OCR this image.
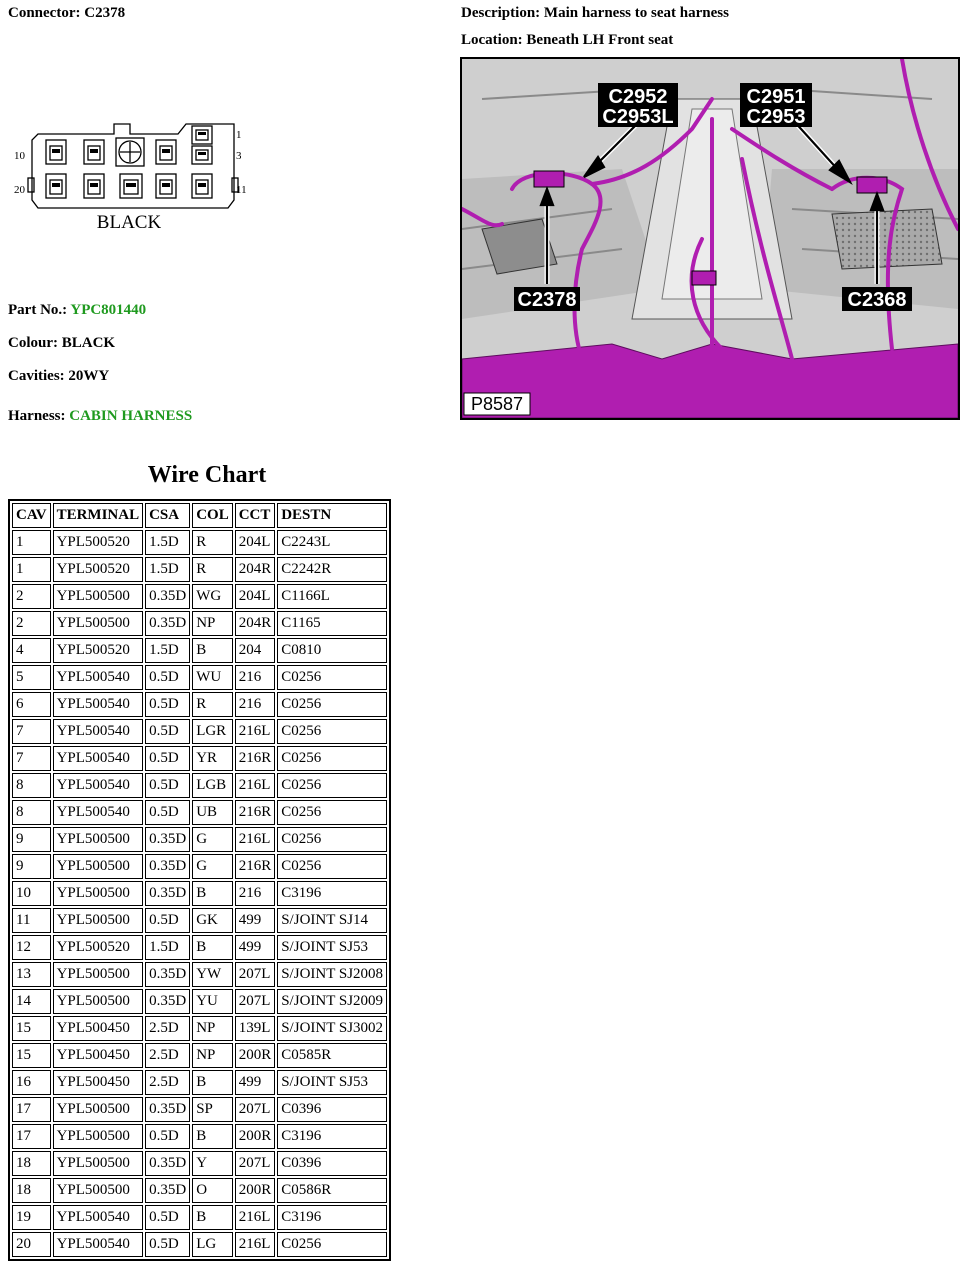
Connector: C2378	Description: Main harness to seat harness
Location: Beneath LH Front seat
1
10	3
20	11
BLACK
C2952
C2953L
C2951
C2953
C2378	C2368
P8587
Part No.: YPC801440
Colour: BLACK
Cavities: 20WY
Harness: CABIN HARNESS
Wire Chart
CAV	TERMINAL	CSA	COL	CCT	DESTN
1	YPL500520	1.5D	R	204L	C2243L
1	YPL500520	1.5D	R	204R	C2242R
2	YPL500500	0.35D	WG	204L	C1166L
2	YPL500500	0.35D	NP	204R	C1165
4	YPL500520	1.5D	B	204	C0810
5	YPL500540	0.5D	WU	216	C0256
6	YPL500540	0.5D	R	216	C0256
7	YPL500540	0.5D	LGR	216L	C0256
7	YPL500540	0.5D	YR	216R	C0256
8	YPL500540	0.5D	LGB	216L	C0256
8	YPL500540	0.5D	UB	216R	C0256
9	YPL500500	0.35D	G	216L	C0256
9	YPL500500	0.35D	G	216R	C0256
10	YPL500500	0.35D	B	216	C3196
11	YPL500500	0.5D	GK	499	S/JOINT SJ14
12	YPL500520	1.5D	B	499	S/JOINT SJ53
13	YPL500500	0.35D	YW	207L	S/JOINT SJ2008
14	YPL500500	0.35D	YU	207L	S/JOINT SJ2009
15	YPL500450	2.5D	NP	139L	S/JOINT SJ3002
15	YPL500450	2.5D	NP	200R	C0585R
16	YPL500450	2.5D	B	499	S/JOINT SJ53
17	YPL500500	0.35D	SP	207L	C0396
17	YPL500500	0.5D	B	200R	C3196
18	YPL500500	0.35D	Y	207L	C0396
18	YPL500500	0.35D	O	200R	C0586R
19	YPL500540	0.5D	B	216L	C3196
20	YPL500540	0.5D	LG	216L	C0256
